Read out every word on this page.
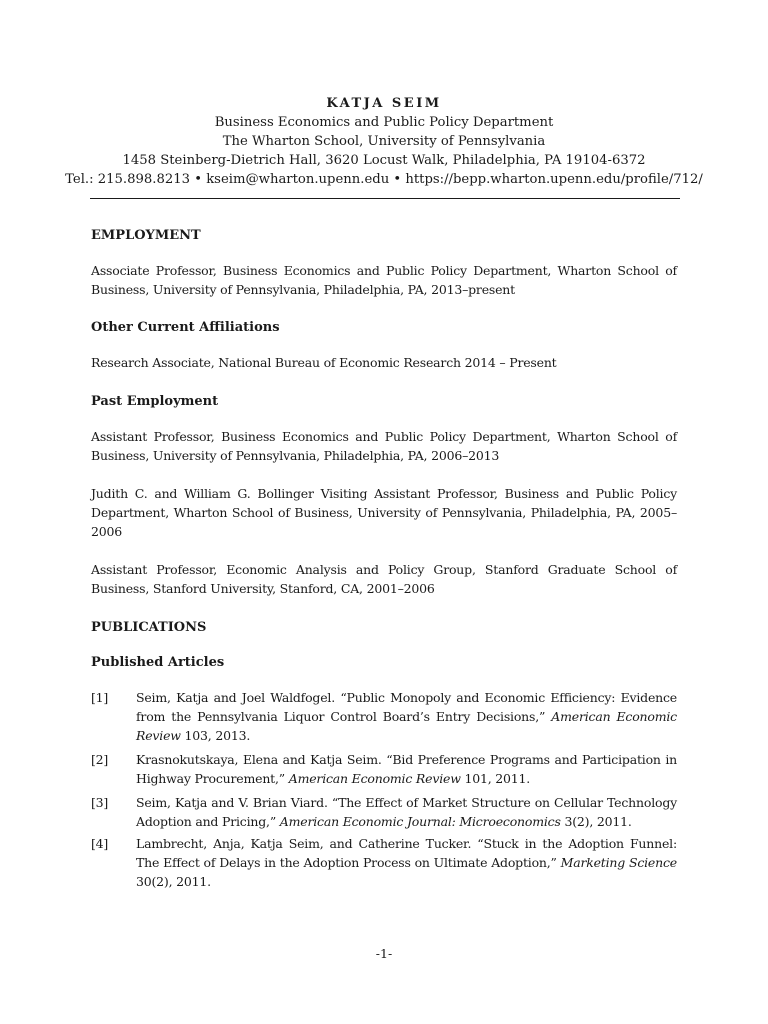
KATJA SEIM
Business Economics and Public Policy Department
The Wharton School, University of Pennsylvania
1458 Steinberg-Dietrich Hall, 3620 Locust Walk, Philadelphia, PA 19104-6372
Tel.: 215.898.8213 • kseim@wharton.upenn.edu • https://bepp.wharton.upenn.edu/profile/712/
EMPLOYMENT
Associate Professor, Business Economics and Public Policy Department, Wharton School of Business, University of Pennsylvania, Philadelphia, PA, 2013–present
Other Current Affiliations
Research Associate, National Bureau of Economic Research 2014 – Present
Past Employment
Assistant Professor, Business Economics and Public Policy Department, Wharton School of Business, University of Pennsylvania, Philadelphia, PA, 2006–2013
Judith C. and William G. Bollinger Visiting Assistant Professor, Business and Public Policy Department, Wharton School of Business, University of Pennsylvania, Philadelphia, PA, 2005–2006
Assistant Professor, Economic Analysis and Policy Group, Stanford Graduate School of Business, Stanford University, Stanford, CA, 2001–2006
PUBLICATIONS
Published Articles
[1]	Seim, Katja and Joel Waldfogel. “Public Monopoly and Economic Efficiency: Evidence from the Pennsylvania Liquor Control Board’s Entry Decisions,” American Economic Review 103, 2013.
[2]	Krasnokutskaya, Elena and Katja Seim. “Bid Preference Programs and Participation in Highway Procurement,” American Economic Review 101, 2011.
[3]	Seim, Katja and V. Brian Viard. “The Effect of Market Structure on Cellular Technology Adoption and Pricing,” American Economic Journal: Microeconomics 3(2), 2011.
[4]	Lambrecht, Anja, Katja Seim, and Catherine Tucker. “Stuck in the Adoption Funnel: The Effect of Delays in the Adoption Process on Ultimate Adoption,” Marketing Science 30(2), 2011.
-1-
